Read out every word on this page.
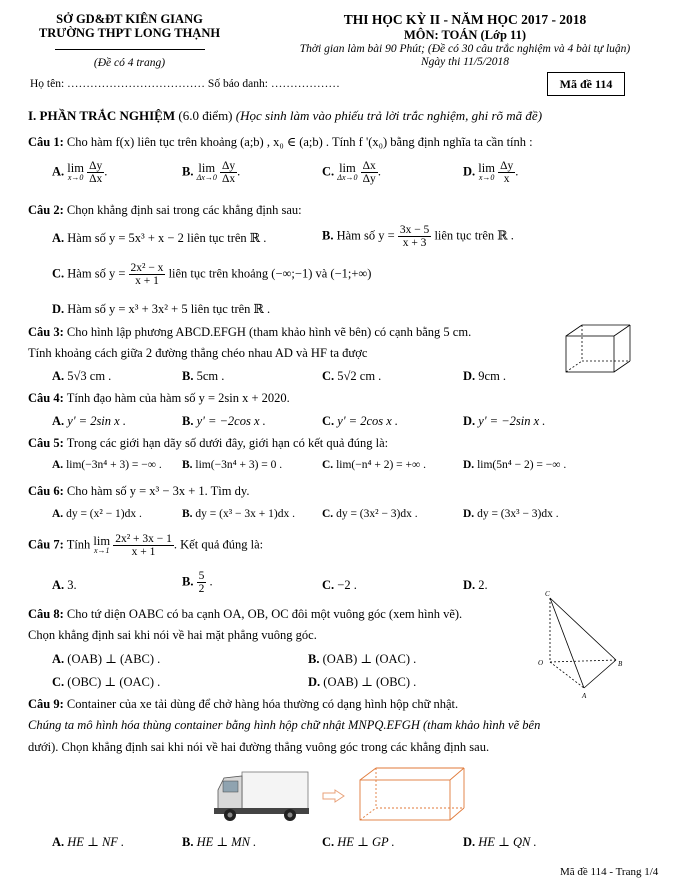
SỞ GD&ĐT KIÊN GIANG
TRƯỜNG THPT LONG THẠNH
(Đề có 4 trang)
THI HỌC KỲ II - NĂM HỌC 2017 - 2018
MÔN: TOÁN (Lớp 11)
Thời gian làm bài 90 Phút; (Đề có 30 câu trắc nghiệm và 4 bài tự luận)
Ngày thi 11/5/2018
Họ tên: ……………………………… Số báo danh: ………………	Mã đề 114
I. PHẦN TRẮC NGHIỆM (6.0 điểm) (Học sinh làm vào phiếu trả lời trắc nghiệm, ghi rõ mã đề)
Câu 1: Cho hàm f(x) liên tục trên khoảng (a;b) , x₀ ∈ (a;b) . Tính f '(x₀) bằng định nghĩa ta cần tính :
A. lim
x→0
$\frac{\Delta y}{\Delta x}$ .	B. lim
Δx→0
$\frac{\Delta y}{\Delta x}$ .	C. lim
Δx→0
$\frac{\Delta x}{\Delta y}$ .	D. lim
x→0
$\frac{\Delta y}{x}$ .
Câu 2: Chọn khẳng định sai trong các khẳng định sau:
A. Hàm số y = 5x³ + x − 2 liên tục trên ℝ .	B. Hàm số $y = \frac{3x - 5}{x + 3}$ liên tục trên ℝ .
C. Hàm số $y = \frac{\text{2x² − x}}{x + 1}$ liên tục trên khoảng (−∞;−1) và (−1;+∞)
D. Hàm số y = x³ + 3x² + 5 liên tục trên ℝ .
Câu 3: Cho hình lập phương ABCD.EFGH (tham khảo hình vẽ bên) có cạnh bằng 5 cm.
Tính khoảng cách giữa 2 đường thẳng chéo nhau AD và HF ta được
A. 5√3 cm .	B. 5cm .	C. 5√2 cm .	D. 9cm .
Câu 4: Tính đạo hàm của hàm số y = 2sin x + 2020.
A. y' = 2sin x .	B. y' = −2cos x .	C. y' = 2cos x .	D. y' = −2sin x .
Câu 5: Trong các giới hạn dãy số dưới đây, giới hạn có kết quả đúng là:
A. lim(−3n⁴ + 3) = −∞ . B. lim(−3n⁴ + 3) = 0 .	C. lim(−n⁴ + 2) = +∞ .	D. lim(5n⁴ − 2) = −∞ .
Câu 6: Cho hàm số y = x³ − 3x + 1. Tìm dy.
A. dy = (x² − 1)dx .	B. dy = (x³ − 3x + 1)dx . C. dy = (3x² − 3)dx .	D. dy = (3x³ − 3)dx .
Câu 7: Tính lim
x→1
$\frac{\text{2x² + 3x − 1}}{x + 1}$ . Kết quả đúng là:
A. 3.	B. $\frac{5}{2}$ .	C. −2 .	D. 2.
Câu 8: Cho tứ diện OABC có ba cạnh OA, OB, OC đôi một vuông góc (xem hình vẽ).
Chọn khẳng định sai khi nói về hai mặt phẳng vuông góc.
A. (OAB) ⊥ (ABC) .	B. (OAB) ⊥ (OAC) .
C. (OBC) ⊥ (OAC) .	D. (OAB) ⊥ (OBC) .
C
O	B
A
Câu 9: Container của xe tải dùng để chở hàng hóa thường có dạng hình hộp chữ nhật.
Chúng ta mô hình hóa thùng container bằng hình hộp chữ nhật MNPQ.EFGH (tham khảo hình vẽ bên
dưới). Chọn khẳng định sai khi nói về hai đường thẳng vuông góc trong các khẳng định sau.
A. HE ⊥ NF .	B. HE ⊥ MN .	C. HE ⊥ GP .	D. HE ⊥ QN .
Mã đề 114 - Trang 1/4
